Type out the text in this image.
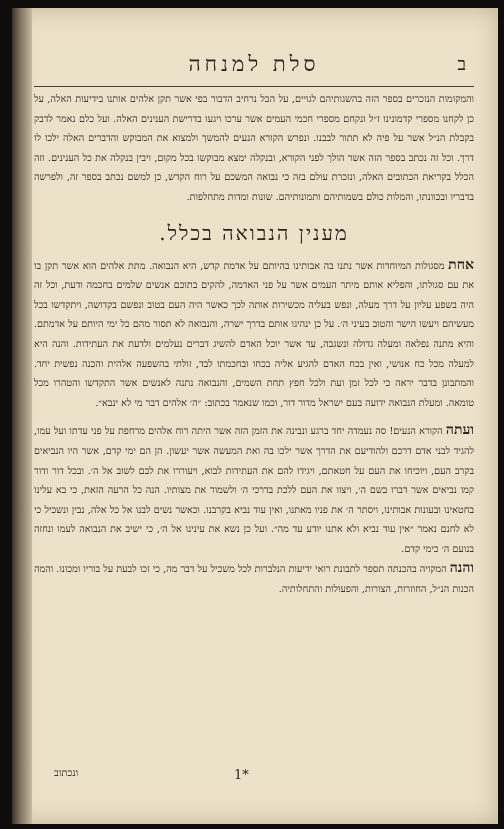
סלת למנחה	ב

והמקומות הנזכרים בספר הזה בהשגותיהם לגויים, על הכל נרחיב הדבור בפי אשר תקן אלהים אותנו בידיעות האלה, על כן לקחנו מספרי קדמונינו ז״ל ונקחם מספרי חכמי העמים אשר ערכו ויגעו בדרישת הענינים האלה. ועל כלם נאמר לדבק בקבלת הנ״ל אשר על פיה לא תתור לבבנו. ונפרש הקורא הנעים להמשך ולמצוא את המבוקש והדברים האלה ילכו לו דרך. וכל זה נכתב בספר הזה אשר הולך לפני הקורא, ובנקלה ימצא מבוקשו בכל מקום, ויבין בנקלה את כל הענינים. וזה הכלל בקריאת הכתובים האלה, ונזכרת עולם בזה כי נבואה המשכם על רוח הקדש, כן למשם נכתב בספר זה, ולפרשה בדבריו ובכוונתו, והמלות כולם בשמותיהם ותמונותיהם. שונות ומדות מתחלפות.

מענין הנבואה בכלל.

אחת מסגולות המיוחדות אשר נתנו בה אבותינו בהיותם על אדמת קדש, היא הנבואה. מתת אלהים הוא אשר תקן בו את עם סגולתו, והפליא אותם מיתר העמים אשר על פני האדמה, להקים בתוכם אנשים שלמים בחכמה ודעת, וכל זה היה בשפע עליון על דרך מעלה, ונפש בעליה מכשירות אותה לכך כאשר היה העם בטוב ונפשם בקדושה, ויתקדשו בכל מעשיהם ויעשו הישר והטוב בעיני ה׳. על כן ינהיגו אותם בדרך ישרה, והנבואה לא תסור מהם כל ימי היותם על אדמתם. והיא מתנה נפלאה ומעלה גדולה ונשגבה, עד אשר יוכל האדם להשיג דברים נעלמים ולדעת את העתידות. והנה היא למעלה מכל כח אנושי, ואין בכח האדם להגיע אליה בכחו ובחכמתו לבד, זולתי בהשפעה אלהית והכנה נפשית יחד. והמתבונן בדבר יראה כי לכל זמן ועת ולכל חפץ תחת השמים, והנבואה נתנה לאנשים אשר התקדשו והטהרו מכל טומאה. ומעלת הנבואה ידועה בעם ישראל מדור דור, וכמו שנאמר בכתוב: ״ה׳ אלהים דבר מי לא ינבא״.

ועתה הקורא הנעים! סה נעמדה יחד ברגע ונבינה את הזמן הזה אשר היתה רוח אלהים מרחפת על פני עדתו ועל עמו, להגיד לבני אדם דרכם ולהודיעם את הדרך אשר ילכו בה ואת המעשה אשר יעשון. הן הם ימי קדם, אשר היו הנביאים בקרב העם, ויוכיחו את העם על חטאתם, ויגידו להם את העתידות לבוא, ויעוררו את לבם לשוב אל ה׳. ובכל דור ודור קמו נביאים אשר דברו בשם ה׳, ויצוו את העם ללכת בדרכי ה׳ ולשמור את מצותיו. הנה כל הרעה הזאת, כי בא עלינו בחטאינו ובעונות אבותינו, ויסתר ה׳ את פניו מאתנו, ואין עוד נביא בקרבנו. וכאשר נשים לבנו אל כל אלה, נבין ונשכיל כי לא לחנם נאמר ״אין עוד נביא ולא אתנו יודע עד מה״. ועל כן נשא את עינינו אל ה׳, כי ישיב את הנבואה לעמו ונחזה בנועם ה׳ כימי קדם.

והנה המקויה בהכנתה תספר לתבונת רואי ידיעות הנלברות לכל משכיל על דבר מה, כי זכו לבעת על בוריו ומכונו. והמה הכנות הנ״ל, החוזרות, הצורות, והפעולות והתחלותיה.

1*
ונכתוב
